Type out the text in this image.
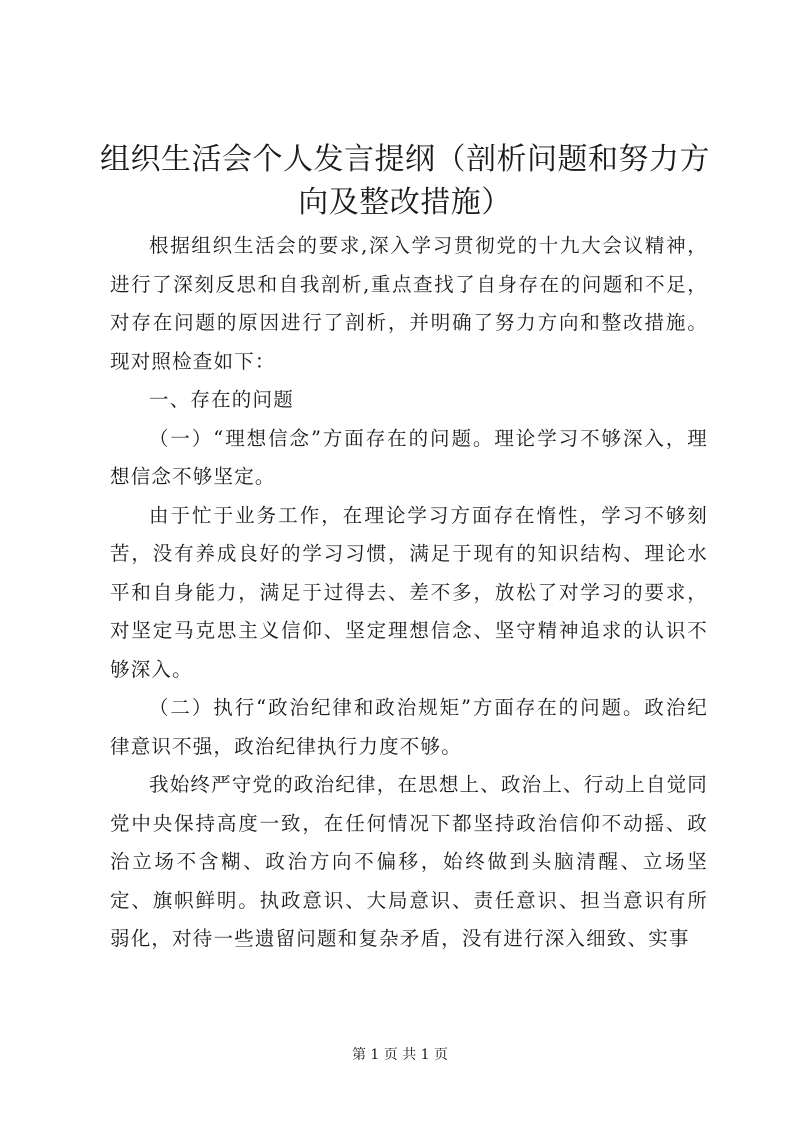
组织生活会个人发言提纲（剖析问题和努力方向及整改措施）

根据组织生活会的要求,深入学习贯彻党的十九大会议精神，进行了深刻反思和自我剖析,重点查找了自身存在的问题和不足，对存在问题的原因进行了剖析，并明确了努力方向和整改措施。现对照检查如下：

一、存在的问题

（一）“理想信念”方面存在的问题。理论学习不够深入，理想信念不够坚定。

由于忙于业务工作，在理论学习方面存在惰性，学习不够刻苦，没有养成良好的学习习惯，满足于现有的知识结构、理论水平和自身能力，满足于过得去、差不多，放松了对学习的要求，对坚定马克思主义信仰、坚定理想信念、坚守精神追求的认识不够深入。

（二）执行“政治纪律和政治规矩”方面存在的问题。政治纪律意识不强，政治纪律执行力度不够。

我始终严守党的政治纪律，在思想上、政治上、行动上自觉同党中央保持高度一致，在任何情况下都坚持政治信仰不动摇、政治立场不含糊、政治方向不偏移，始终做到头脑清醒、立场坚定、旗帜鲜明。执政意识、大局意识、责任意识、担当意识有所弱化，对待一些遗留问题和复杂矛盾，没有进行深入细致、实事

第 1 页 共 1 页
